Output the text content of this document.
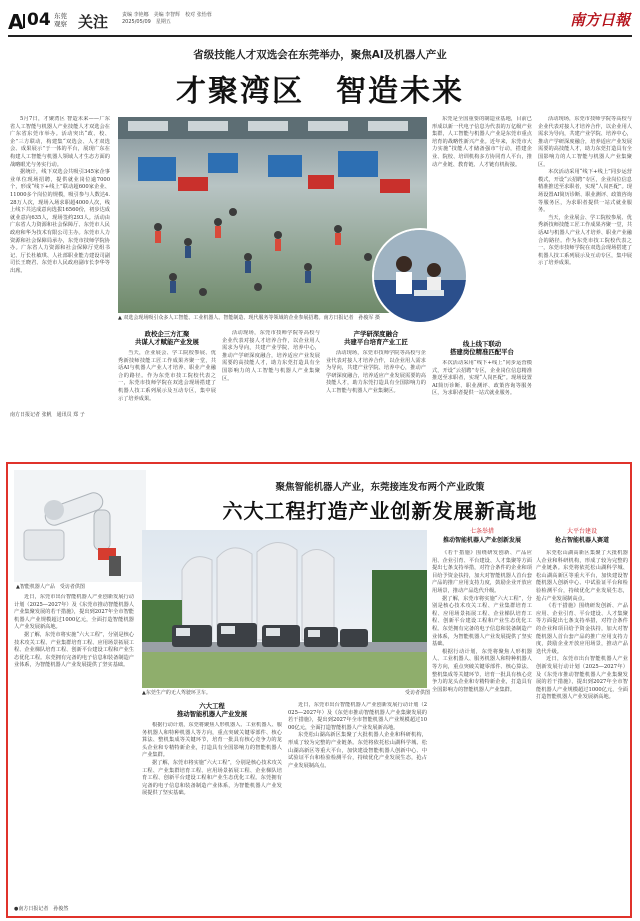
A 04 东莞
观察 关注	责编 李艳娜　美编 李智辉　校对 张怡蓉
2025/05/09　星期五	南方日報
省级技能人才双选会在东莞举办，聚焦AI及机器人产业
才聚湾区　智造未来

5月7日，才聚湾区 智造未来——广东省人工智能与机器人产业技能人才双选会在广东省东莞市举办。活动突出“政、校、企”三方联动，构建集“双选会、人才双选会、成果展示”于一体的平台，展现广东在构建人工智能与机器人领域人才生态方面的战略眼光与务实行动。

据统计，线下双选会共吸引345家企事业单位现场招聘，提供就业岗位逾7000个，形成“线下+线上”联动超600家企业、11000多个岗位的规模，吸引参与人数达4.28万人次，现场入场求职超4000人次，线上线下共达成意向选拔16560份，初步达成就业意向635人，现场签约293人。活动由广东省人力资源和社会保障厅、东莞市人民政府和华为技术有限公司主办。东莞市人力资源和社会保障局承办，东莞市技师学院协办。广东省人力资源和社会保障厅党组书记、厅长杜敏琪、人社部职业能力建设司副司长王晓君、东莞市人民政府副市长李华等出席。

南方日报记者 张帆　通讯员 郑 子
▲ 双选会现场吸引众多人工智能、工业机器人、智能制造、现代服务等领域的企业参展招聘。南方日报记者　孙俊军 摄

东莞是全国重要的制造业基地，目前已形成以新一代电子信息为代表的万亿级产业集群，人工智能与机器人产业是东莞市重点培育的战略性新兴产业。近年来，东莞市大力实施“技能人才储备强市”行动，搭建企业、院校、培训机构多方协同育人平台，推动产业链、教育链、人才链有机衔接。

活动现场，东莞市技师学院等高校与企业代表对接人才培养合作，以企业用人需求为导向，共建产业学院、培养中心，推动产学研深度融合，培养适应产业发展需要的高技能人才，助力东莞打造具有全国影响力的人工智能与机器人产业集聚区。

本次活动采用“线下+线上”同步运营模式，开设“云招聘”专区，企业岗位信息精准推送至求职者，实现“人岗匹配”。现场设置AI简历诊断、职业测评、政策咨询等服务区，为求职者提供一站式就业服务。

当天，企业展会、学工院校参展、优秀新技师技能工匠工作成果齐聚一堂，共话AI与机器人产业人才培养、职业产业融合的路径。作为东莞市技工院校代表之一，东莞市技师学院在双选会现场搭建了机器人技工系列展示及互动专区，集中展示了培养成果。

政校企三方汇聚
共谋人才赋能产业发展

当天，企业展会、学工院校参展、优秀新技师技能工匠工作成果齐聚一堂，共话AI与机器人产业人才培养、职业产业融合的路径。作为东莞市技工院校代表之一，东莞市技师学院在双选会现场搭建了机器人技工系列展示及互动专区，集中展示了培养成果。

活动现场，东莞市技师学院等高校与企业代表对接人才培养合作，以企业用人需求为导向，共建产业学院、培养中心，推动产学研深度融合，培养适应产业发展需要的高技能人才，助力东莞打造具有全国影响力的人工智能与机器人产业集聚区。

产学研深度融合
共建平台培育产业工匠

活动现场，东莞市技师学院等高校与企业代表对接人才培养合作，以企业用人需求为导向，共建产业学院、培养中心，推动产学研深度融合，培养适应产业发展需要的高技能人才，助力东莞打造具有全国影响力的人工智能与机器人产业集聚区。

线上线下联动
搭建岗位精准匹配平台

本次活动采用“线下+线上”同步运营模式，开设“云招聘”专区，企业岗位信息精准推送至求职者，实现“人岗匹配”。现场设置AI简历诊断、职业测评、政策咨询等服务区，为求职者提供一站式就业服务。

聚焦智能机器人产业，东莞接连发布两个产业政策
六大工程打造产业创新发展新高地
▲智能机器人产品　受访者供图

近日，东莞市出台智能机器人产业创新发展行动计划（2025—2027年）及《东莞市推动智能机器人产业集聚发展的若干措施》，提出到2027年全市智能机器人产业规模超过1000亿元，全面打造智能机器人产业发展新高地。

据了解，东莞市将实施“六大工程”，分别是核心技术攻关工程、产业集群培育工程、应用场景拓展工程、企业梯队培育工程、创新平台建设工程和产业生态优化工程。东莞拥有完备的电子信息和装备制造产业体系，为智能机器人产业发展提供了坚实基础。

●南方日报记者　孙俊然
▲东莞生产的无人驾驶环卫车。	受访者供图
六大工程
推动智能机器人产业发展

根据行动计划，东莞将聚焦人形机器人、工业机器人、服务机器人和特种机器人等方向，重点突破关键零部件、核心算法、整机集成等关键环节，培育一批具有核心竞争力的龙头企业和专精特新企业，打造具有全国影响力的智能机器人产业集群。

据了解，东莞市将实施“六大工程”，分别是核心技术攻关工程、产业集群培育工程、应用场景拓展工程、企业梯队培育工程、创新平台建设工程和产业生态优化工程。东莞拥有完备的电子信息和装备制造产业体系，为智能机器人产业发展提供了坚实基础。

近日，东莞市出台智能机器人产业创新发展行动计划（2025—2027年）及《东莞市推动智能机器人产业集聚发展的若干措施》，提出到2027年全市智能机器人产业规模超过1000亿元，全面打造智能机器人产业发展新高地。

东莞松山湖高新区集聚了大批机器人企业和科研机构，形成了较为完整的产业链条。东莞将依托松山湖科学城、松山湖高新区等重大平台，加快建设智能机器人创新中心、中试验证平台和检验检测平台，持续优化产业发展生态，抢占产业发展制高点。

七条举措
推动智能机器人产业创新发展

《若干措施》围绕研发创新、产品应用、企业引育、平台建设、人才集聚等方面提出七条支持举措，对符合条件的企业和项目给予资金扶持，加大对智能机器人首台套产品的推广应用支持力度，鼓励企业开放应用场景，推动产品迭代升级。

据了解，东莞市将实施“六大工程”，分别是核心技术攻关工程、产业集群培育工程、应用场景拓展工程、企业梯队培育工程、创新平台建设工程和产业生态优化工程。东莞拥有完备的电子信息和装备制造产业体系，为智能机器人产业发展提供了坚实基础。

根据行动计划，东莞将聚焦人形机器人、工业机器人、服务机器人和特种机器人等方向，重点突破关键零部件、核心算法、整机集成等关键环节，培育一批具有核心竞争力的龙头企业和专精特新企业，打造具有全国影响力的智能机器人产业集群。

大平台建设
抢占智能机器人赛道

东莞松山湖高新区集聚了大批机器人企业和科研机构，形成了较为完整的产业链条。东莞将依托松山湖科学城、松山湖高新区等重大平台，加快建设智能机器人创新中心、中试验证平台和检验检测平台，持续优化产业发展生态，抢占产业发展制高点。

《若干措施》围绕研发创新、产品应用、企业引育、平台建设、人才集聚等方面提出七条支持举措，对符合条件的企业和项目给予资金扶持，加大对智能机器人首台套产品的推广应用支持力度，鼓励企业开放应用场景，推动产品迭代升级。

近日，东莞市出台智能机器人产业创新发展行动计划（2025—2027年）及《东莞市推动智能机器人产业集聚发展的若干措施》，提出到2027年全市智能机器人产业规模超过1000亿元，全面打造智能机器人产业发展新高地。
